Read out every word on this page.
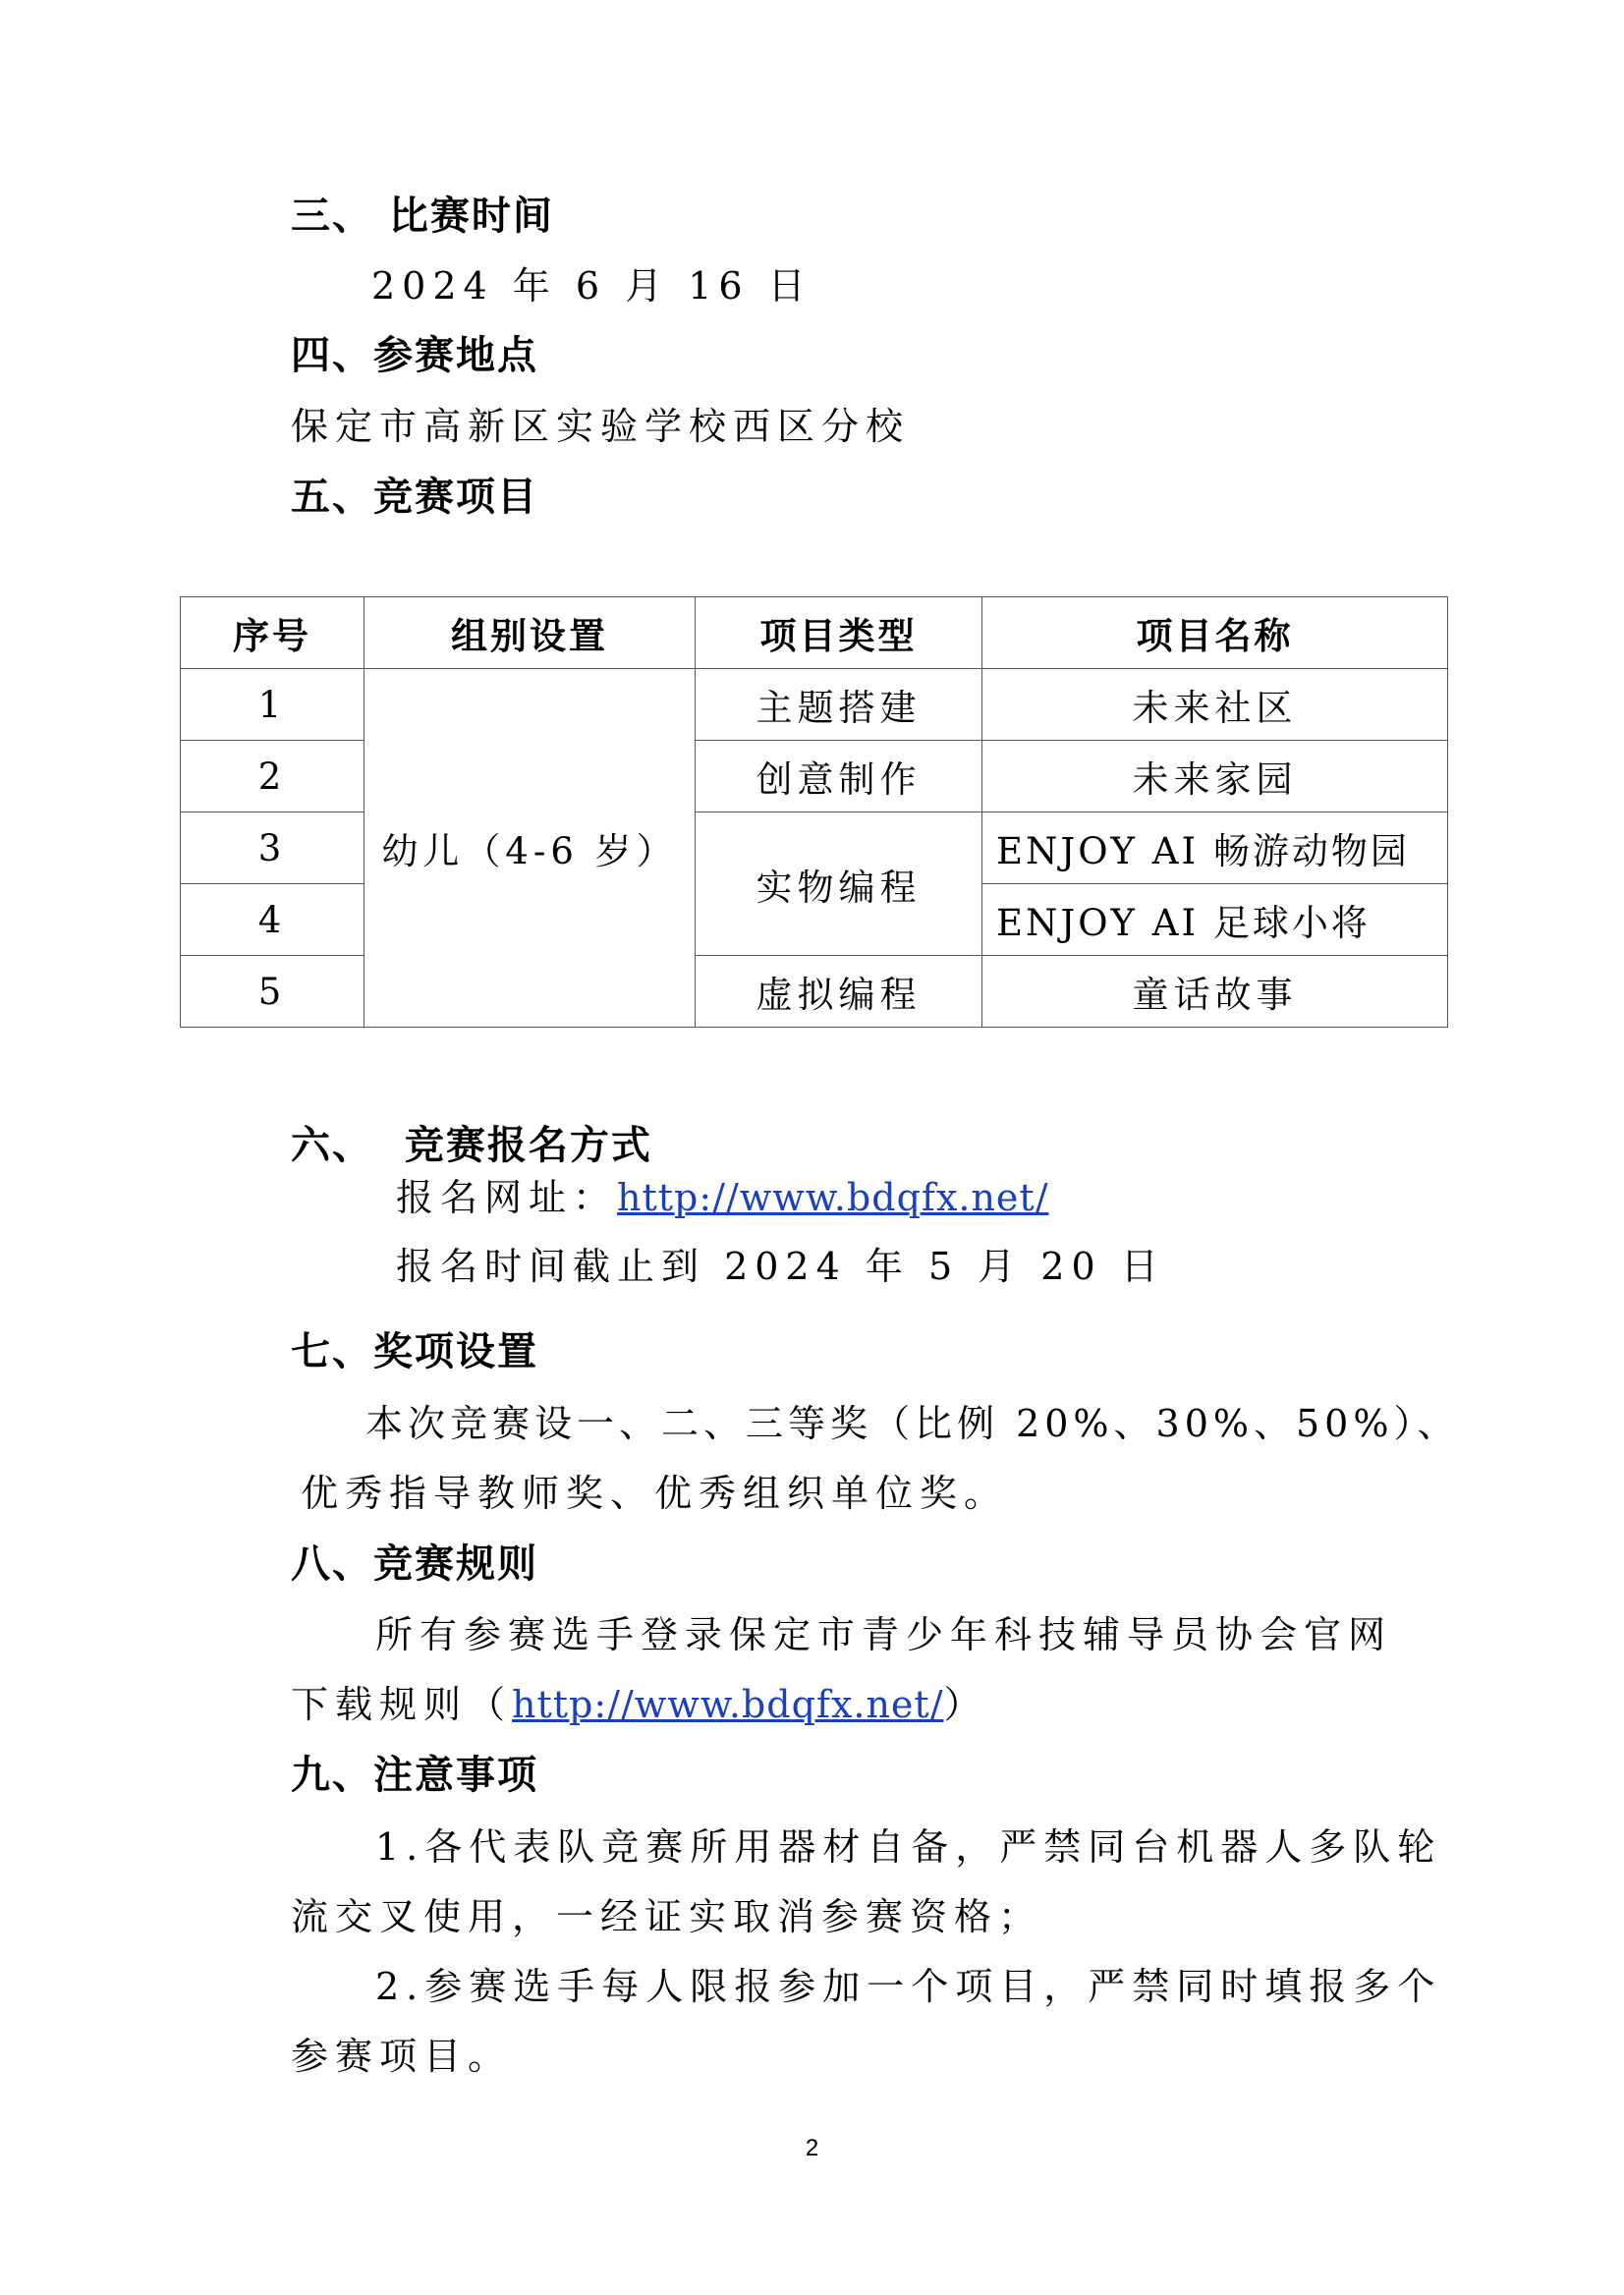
三、 比赛时间
2024 年 6 月 16 日
四、参赛地点
保定市高新区实验学校西区分校
五、竞赛项目
序号	组别设置	项目类型	项目名称
1	幼儿（4-6 岁）	主题搭建	未来社区
2		创意制作	未来家园
3		实物编程	ENJOY AI 畅游动物园
4			ENJOY AI 足球小将
5		虚拟编程	童话故事
六、  竞赛报名方式
报名网址：http://www.bdqfx.net/
报名时间截止到 2024 年 5 月 20 日
七、奖项设置
本次竞赛设一、二、三等奖（比例 20%、30%、50%）、
优秀指导教师奖、优秀组织单位奖。
八、竞赛规则
所有参赛选手登录保定市青少年科技辅导员协会官网
下载规则（http://www.bdqfx.net/）
九、注意事项
1.各代表队竞赛所用器材自备，严禁同台机器人多队轮
流交叉使用，一经证实取消参赛资格；
2.参赛选手每人限报参加一个项目，严禁同时填报多个
参赛项目。
2
